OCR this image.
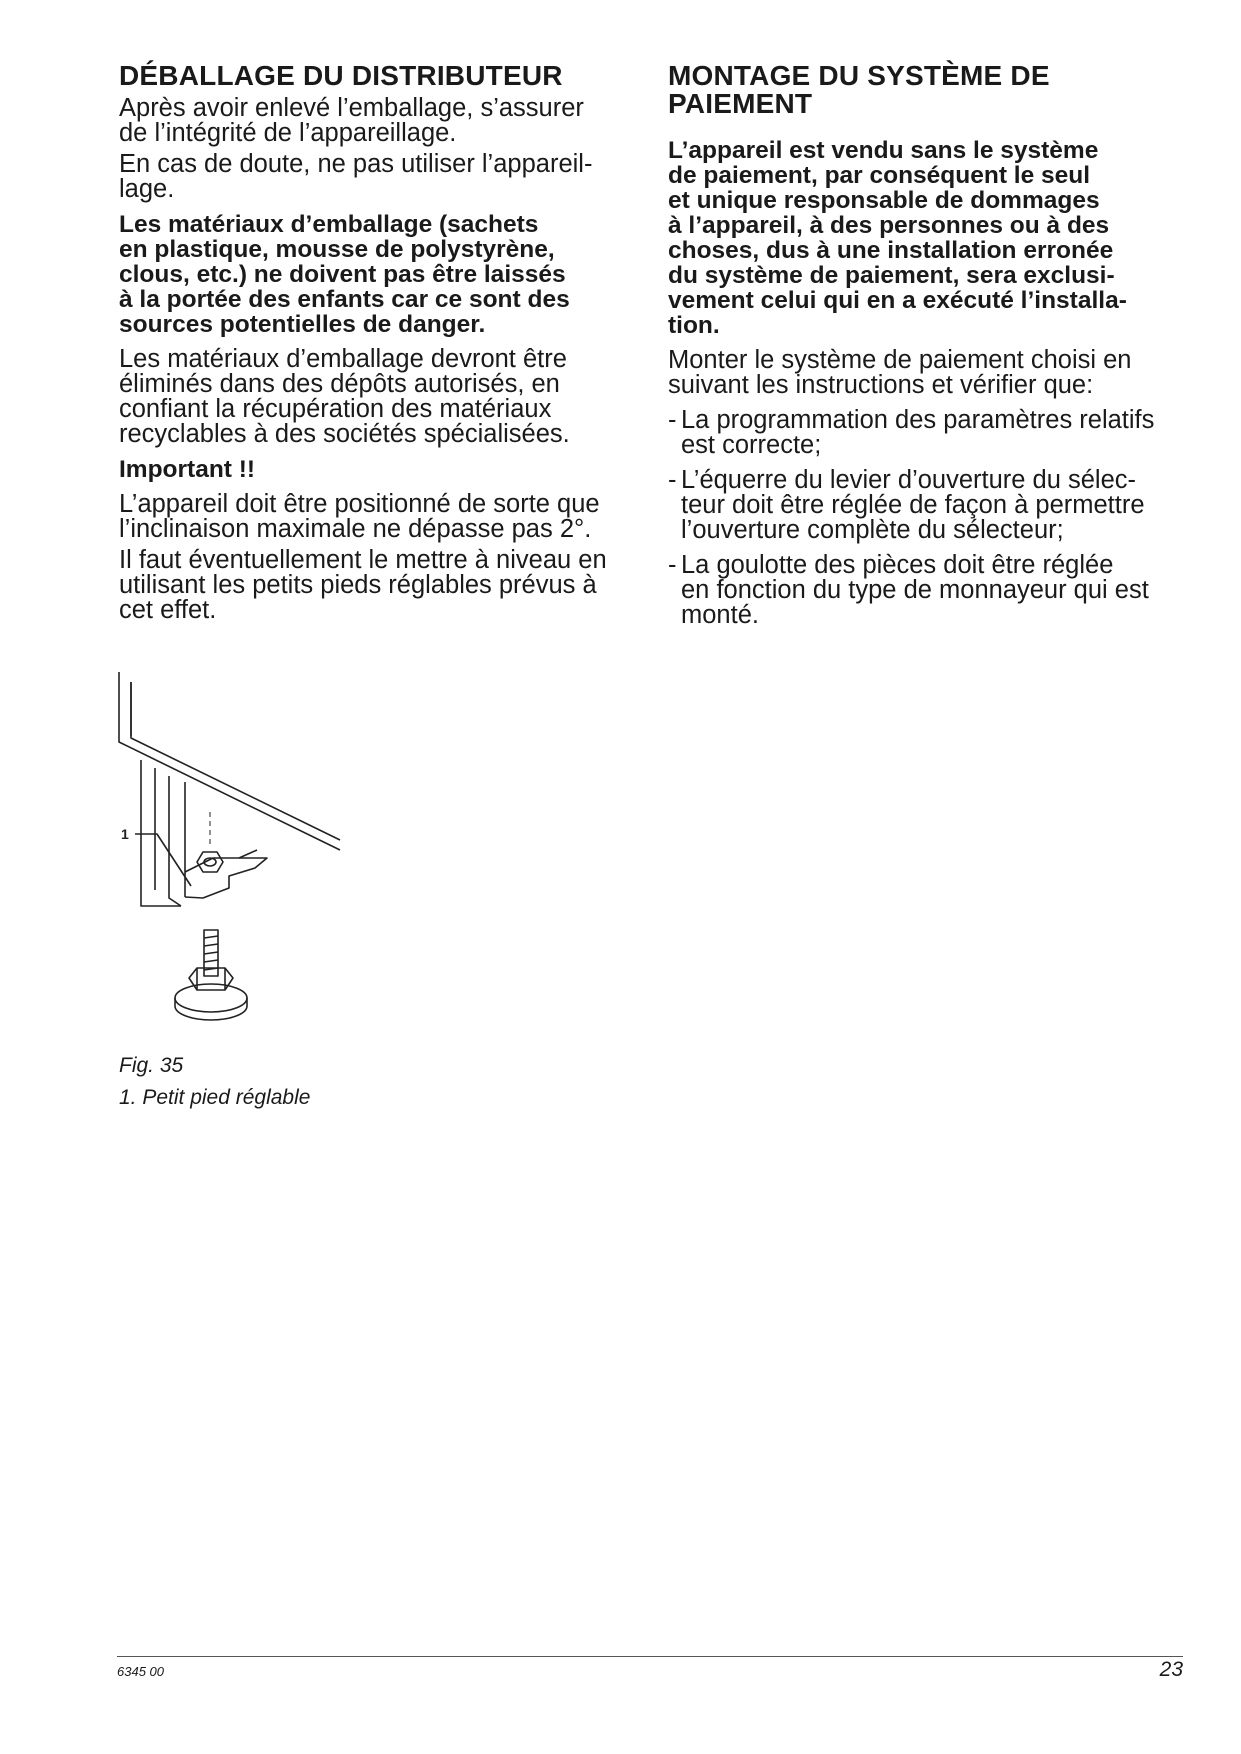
DÉBALLAGE DU DISTRIBUTEUR

Après avoir enlevé l’emballage, s’assurer
de l’intégrité de l’appareillage.

En cas de doute, ne pas utiliser l’appareil-
lage.

Les matériaux d’emballage (sachets
en plastique, mousse de polystyrène,
clous, etc.) ne doivent pas être laissés
à la portée des enfants car ce sont des
sources potentielles de danger.

Les matériaux d’emballage devront être
éliminés dans des dépôts autorisés, en
confiant la récupération des matériaux
recyclables à des sociétés spécialisées.

Important !!

L’appareil doit être positionné de sorte que
l’inclinaison maximale ne dépasse pas 2°.

Il faut éventuellement le mettre à niveau en
utilisant les petits pieds réglables prévus à
cet effet.

1
Fig. 35
1. Petit pied réglable
MONTAGE DU SYSTÈME DE
PAIEMENT

L’appareil est vendu sans le système
de paiement, par conséquent le seul
et unique responsable de dommages
à l’appareil, à des personnes ou à des
choses, dus à une installation erronée
du système de paiement, sera exclusi-
vement celui qui en a exécuté l’installa-
tion.

Monter le système de paiement choisi en
suivant les instructions et vérifier que:

- La programmation des paramètres relatifs
est correcte;

- L’équerre du levier d’ouverture du sélec-
teur doit être réglée de façon à permettre
l’ouverture complète du sélecteur;

- La goulotte des pièces doit être réglée
en fonction du type de monnayeur qui est
monté.

6345 00	23
